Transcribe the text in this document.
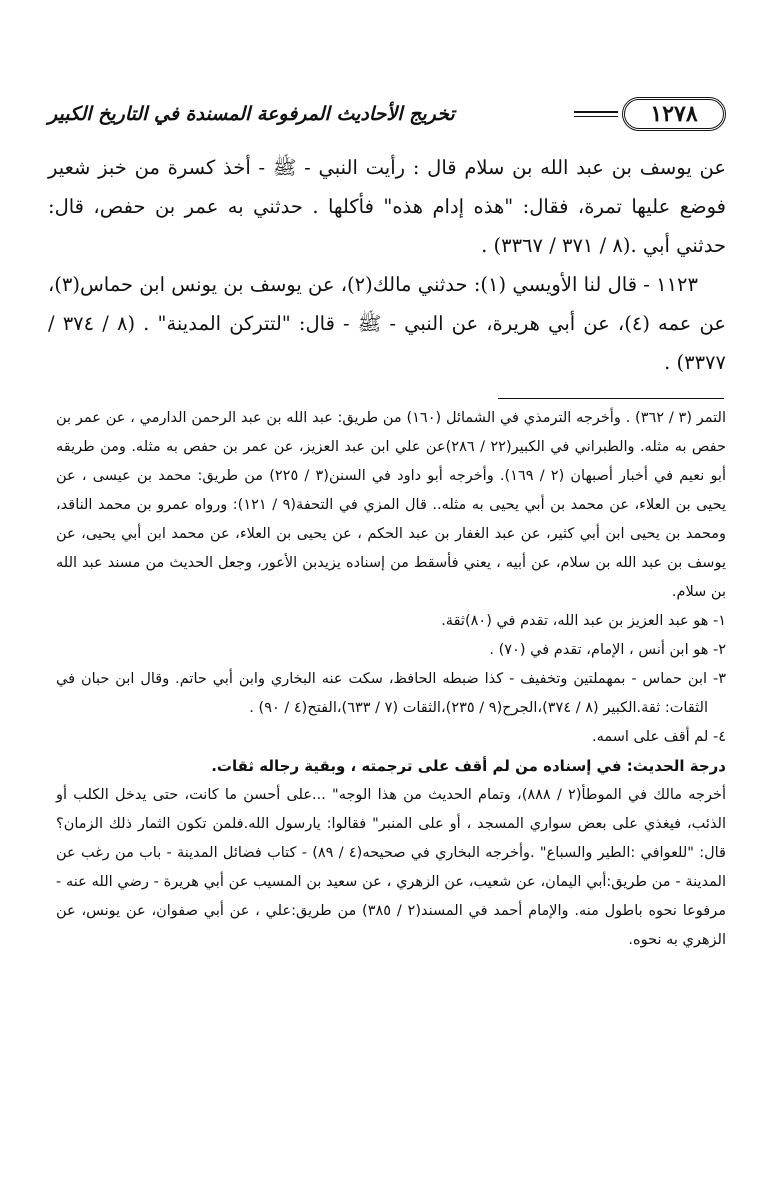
١٢٧٨
تخريج الأحاديث المرفوعة المسندة في التاريخ الكبير

عن يوسف بن عبد الله بن سلام قال : رأيت النبي - ﷺ - أخذ كسرة من خبز شعير فوضع عليها تمرة، فقال: "هذه إدام هذه" فأكلها . حدثني به عمر بن حفص، قال: حدثني أبي .(٨ / ٣٧١ / ٣٣٦٧) .

١١٢٣ - قال لنا الأويسي (١): حدثني مالك(٢)، عن يوسف بن يونس ابن حماس(٣)، عن عمه (٤)، عن أبي هريرة، عن النبي - ﷺ - قال: "لتتركن المدينة" . (٨ / ٣٧٤ / ٣٣٧٧) .

التمر (٣ / ٣٦٢) . وأخرجه الترمذي في الشمائل (١٦٠) من طريق: عبد الله بن عبد الرحمن الدارمي ، عن عمر بن حفص به مثله. والطبراني في الكبير(٢٢ / ٢٨٦)عن علي ابن عبد العزيز، عن عمر بن حفص به مثله. ومن طريقه أبو نعيم في أخبار أصبهان (٢ / ١٦٩). وأخرجه أبو داود في السنن(٣ / ٢٢٥) من طريق: محمد بن عيسى ، عن يحيى بن العلاء، عن محمد بن أبي يحيى به مثله.. قال المزي في التحفة(٩ / ١٢١): ورواه عمرو بن محمد الناقد، ومحمد بن يحيى ابن أبي كثير، عن عبد الغفار بن عبد الحكم ، عن يحيى بن العلاء، عن محمد ابن أبي يحيى، عن يوسف بن عبد الله بن سلام، عن أبيه ، يعني فأسقط من إسناده يزيدبن الأعور، وجعل الحديث من مسند عبد الله بن سلام.

١- هو عبد العزيز بن عبد الله، تقدم في (٨٠)ثقة.

٢- هو ابن أنس ، الإمام، تقدم في (٧٠) .

٣- ابن حماس - بمهملتين وتخفيف - كذا ضبطه الحافظ، سكت عنه البخاري وابن أبي حاتم. وقال ابن حبان في الثقات: ثقة.الكبير (٨ / ٣٧٤)،الجرح(٩ / ٢٣٥)،الثقات (٧ / ٦٣٣)،الفتح(٤ / ٩٠) .

٤- لم أقف على اسمه.

درجة الحديث: في إسناده من لم أقف على ترجمته ، وبقية رجاله ثقات.

أخرجه مالك في الموطأ(٢ / ٨٨٨)، وتمام الحديث من هذا الوجه" ...على أحسن ما كانت، حتى يدخل الكلب أو الذئب، فيغذي على بعض سواري المسجد ، أو على المنبر" فقالوا: يارسول الله.فلمن تكون الثمار ذلك الزمان؟ قال: "للعوافي :الطير والسباع" .وأخرجه البخاري في صحيحه(٤ / ٨٩) - كتاب فضائل المدينة - باب من رغب عن المدينة - من طريق:أبي اليمان، عن شعيب، عن الزهري ، عن سعيد بن المسيب عن أبي هريرة - رضي الله عنه - مرفوعا نحوه باطول منه. والإمام أحمد في المسند(٢ / ٣٨٥) من طريق:علي ، عن أبي صفوان، عن يونس، عن الزهري به نحوه.
